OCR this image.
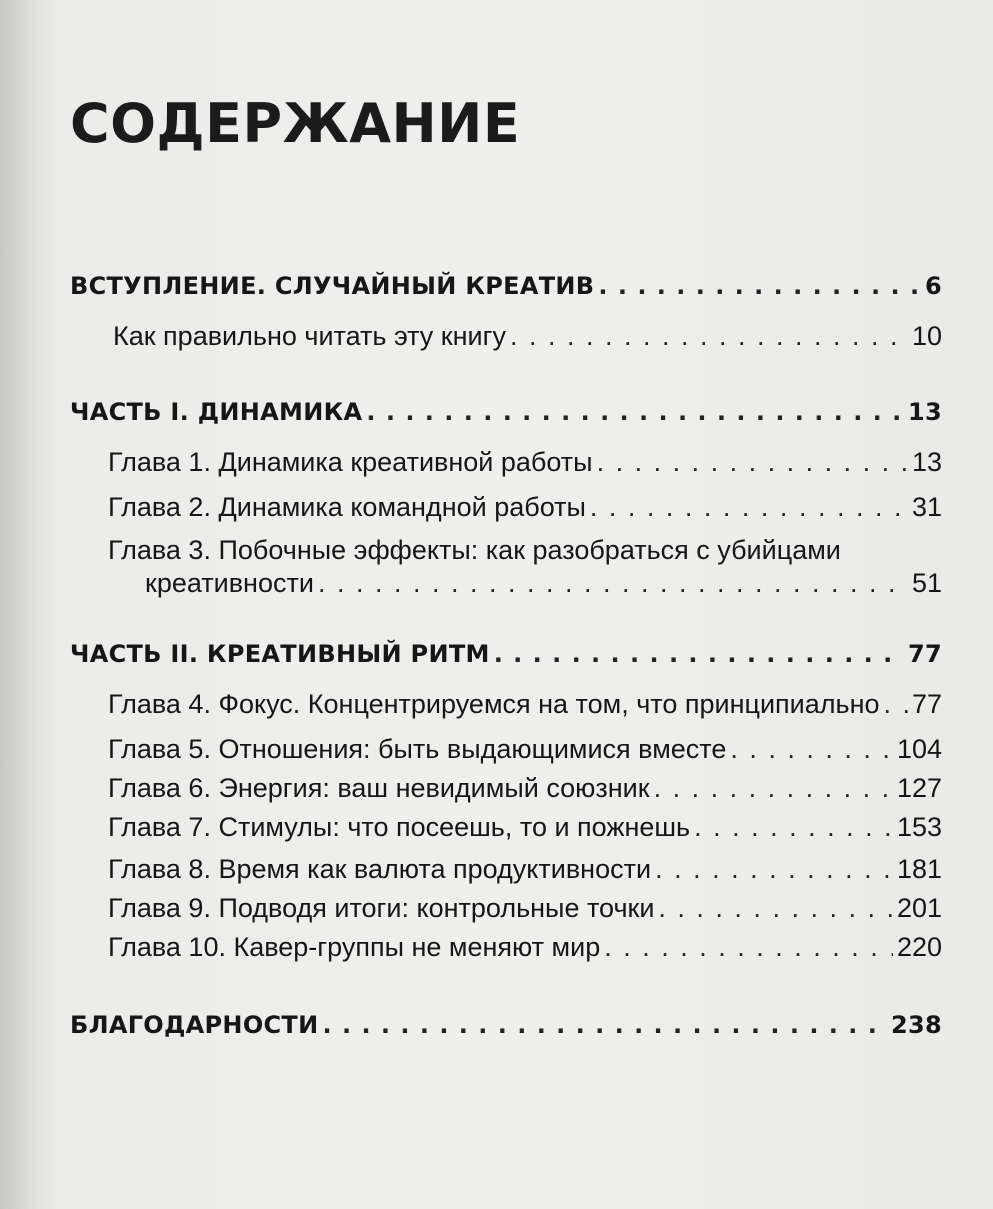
СОДЕРЖАНИЕ
ВСТУПЛЕНИЕ. СЛУЧАЙНЫЙ КРЕАТИВ . . .	6
Как правильно читать эту книгу . . .	10
ЧАСТЬ I. ДИНАМИКА . . .	13
Глава 1. Динамика креативной работы . . .	13
Глава 2. Динамика командной работы . . .	31
Глава 3. Побочные эффекты: как разобраться с убийцами
креативности . . .	51
ЧАСТЬ II. КРЕАТИВНЫЙ РИТМ . . .	77
Глава 4. Фокус. Концентрируемся на том, что принципиально . . . 77
Глава 5. Отношения: быть выдающимися вместе . . .	104
Глава 6. Энергия: ваш невидимый союзник . . .	127
Глава 7. Стимулы: что посеешь, то и пожнешь . . .	153
Глава 8. Время как валюта продуктивности . . .	181
Глава 9. Подводя итоги: контрольные точки . . .	201
Глава 10. Кавер-группы не меняют мир . . .	220
БЛАГОДАРНОСТИ . . .	238
